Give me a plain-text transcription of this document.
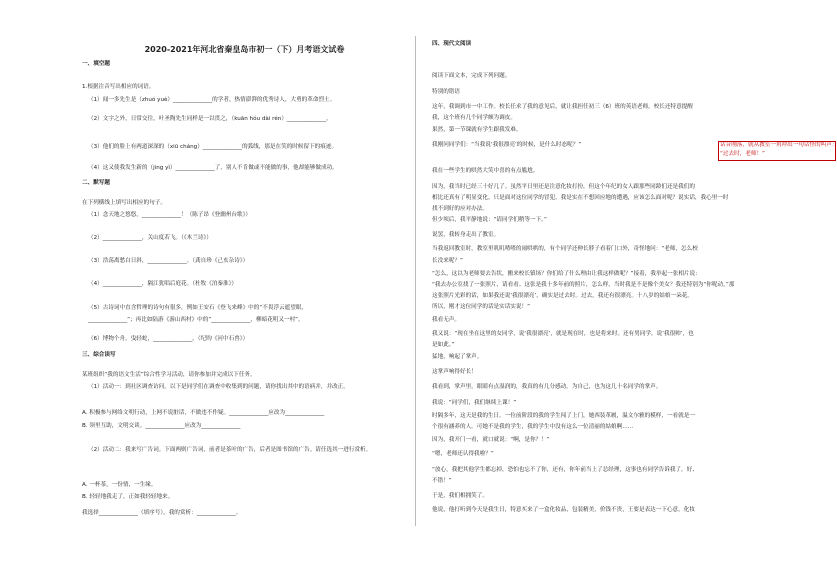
2020-2021年河北省秦皇岛市初一（下）月考语文试卷
一、填空题
1.根据注音写出相应的词语。
（1）闻一多先生是（zhuó yuè）______________的学者，热情澎湃的优秀诗人，大勇的革命烈士。
（2）文字之外，日常交往，叶圣陶先生同样是一以贯之，（kuān hóu dài rén）______________。
（3）他们的脸上有两道深深的（xiū cháng）______________的弧线，那是在笑的时候留下的痕迹。
（4）这又使我发生新的（jìng yì）______________了，别人不肯做或不能做的事，他却能够做成功。
二、默写题
在下列横线上填写出相应的句子。
（1）念天地之悠悠，______________！（陈子昂《登幽州台歌》）
（2）______________，关山度若飞。（《木兰诗》）
（3）浩荡离愁白日斜，______________。（龚自珍《己亥杂诗》）
（4）______________，隔江犹唱后庭花。（杜牧《泊秦淮》）
（5）古诗词中直含哲理的诗句有很多，例如王安石《登飞来峰》中的“不畏浮云遮望眼，
______________”；再比如陆游《游山西村》中的“______________，柳暗花明又一村”。
（6）博物个舟，曳轻蛇，______________。（纪昀《河中石兽》）
三、综合读写
某班组织“我的语文生活”综合性学习活动，请你参加并完成以下任务。
（1）活动一：到社区调查访问。以下是同学们在调查中收集到的问题，请你找出其中的语病并，并改正。
A. 积极参与网络文明行动，上网不说脏话，不做违不作疑。______________应改为______________
B. 领里互助，文明交谈。______________应改为______________
（2）活动二：我来写广告词。下面两则广告词，前者是茶叶的广告，后者是图书馆的广告。请任选其一进行赏析。
A. 一杯茶，一份情，一生缘。
B. 轻轻地我走了，正如我轻轻地来。
我选择______________（填序号），我的赏析：______________。
四、现代文阅读
阅读下面文本，完成下列问题。
特别的错语
这年，我调到市一中工作。校长任求了我的意见后，就让我担任初三（6）班的英语老师。校长还特意提醒
我，这个班有几个同学颇为调皮。
果然，第一节课就有学生跟我发难。
我刚问同学们：“当我说‘我很漂亮’的时候，是什么时态呢？”	话音刚落，就从教室一角冲出一句话怪的叫声：
“过去时，老师！”
我在一些学生的哄然大笑中喜的有点尴尬。
因为，我当时已经三十好几了。虽然平日里还是注意化妆打扮，但这个年纪的女人跟那些同龄们还是我们的
相比还真有了明显变化。只是面对这位同学的冒犯，我是实在不想回应地的遭遇，应该怎么面对呢？说实话，我心里一时
找不到好的应对办法。
但少顷后，我平静地说：“请同学们稍等一下。”
说罢，我转身走出了教室。
当我返回教室时，教室里叽叽喳喳的闹哄哄的，有个同学还伸长脖子看着门口外，奇怪地问：“老师，怎么校
长没来呢？”
“怎么，这以为老师要去告状，搬来校长镇场？你们给了什么理由让我这样做呢？”接着，我举起一张相片说：
“我去办公室找了一张照片，请看看。这张是我十多年前的照片，怎么样，当时我是不是像个美女？我还特别为“你呢动，”那
这张照片光彩的话，如果我还说‘我很漂亮’，确实是过去时。过去，我还有很漂亮。十八岁的姑娘一朵花。
所以，刚才这位同学的话是实话实说！”
我看无声。
我又说：“现在坐在这里的女同学，说‘我很漂亮’，就是现在时，也是将来时。还有男同学，说‘我很帅’，也
是如此。”
猛地，响起了掌声。
这掌声响得好长！
我看到，掌声里，眼睛有点湿润的，我真的有几分感动。为自己，也为这几十名同学的掌声。
我说：“同学们，我们继续上课！”
时隔多年，这天是我的生日。一位前阶段的我的学生闯了上门，她西装革履，温文尔雅的模样，一看就是一
个很有涵养的人。可她不是我的学生，我的学生中没有这么一位清丽的姑娘啊……
因为，我开门一看，就口就说：“啊，是你？！”
“嗯，老师还认得我啦？”
“放心，我把其他学生都忘掉，恐怕也忘不了你，还有，你年前当上了总经理，这事也有同学告诉我了，好、
不错！”
于是，我们相拥笑了。
他说，他打听到今天是我生日，特意买来了一盒化妆品，包装精美，价钱不贵，王要是表达一下心意。化妆
